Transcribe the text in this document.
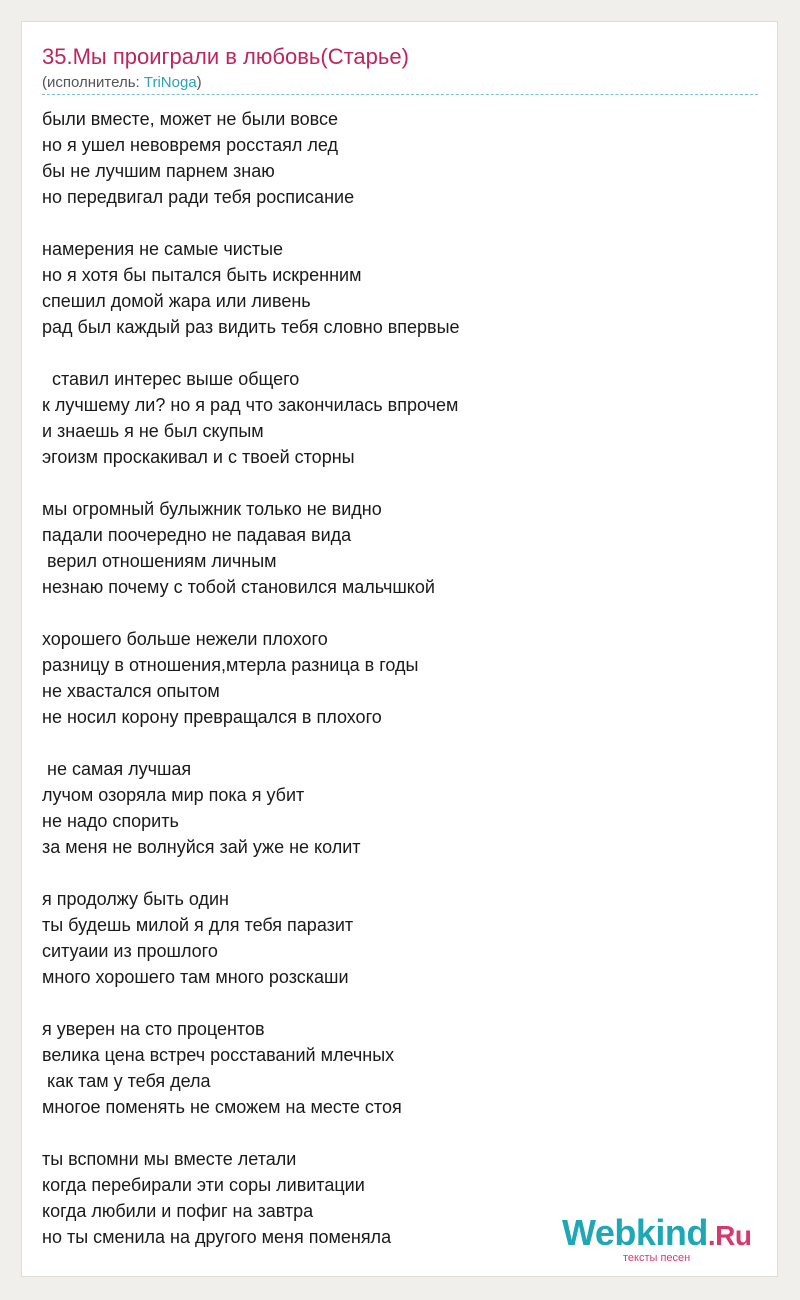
35.Мы проиграли в любовь(Старье)
(исполнитель: TriNoga)
были вместе, может не были вовсе
но я ушел невовремя росстаял лед
бы не лучшим парнем знаю
но передвигал ради тебя росписание
намерения не самые чистые
но я хотя бы пытался быть искренним
спешил домой жара или ливень
рад был каждый раз видить тебя словно впервые
ставил интерес выше общего
к лучшему ли? но я рад что закончилась впрочем
и знаешь я не был скупым
эгоизм проскакивал и с твоей сторны
мы огромный булыжник только не видно
падали поочередно не падавая вида
верил отношениям личным
незнаю почему с тобой становился мальчшкой
хорошего больше нежели плохого
разницу в отношения,мтерла разница в годы
не хвастался опытом
не носил корону превращался в плохого
не самая лучшая
лучом озоряла мир пока я убит
не надо спорить
за меня не волнуйся зай уже не колит
я продолжу быть один
ты будешь милой я для тебя паразит
ситуаии из прошлого
много хорошего там много розскаши
я уверен на сто процентов
велика цена встреч росставаний млечных
как там у тебя дела
многое поменять не сможем на месте стоя
ты вспомни мы вместе летали
когда перебирали эти соры ливитации
когда любили и пофиг на завтра
но ты сменила на другого меня поменяла	Webkind.Ru
тексты песен
